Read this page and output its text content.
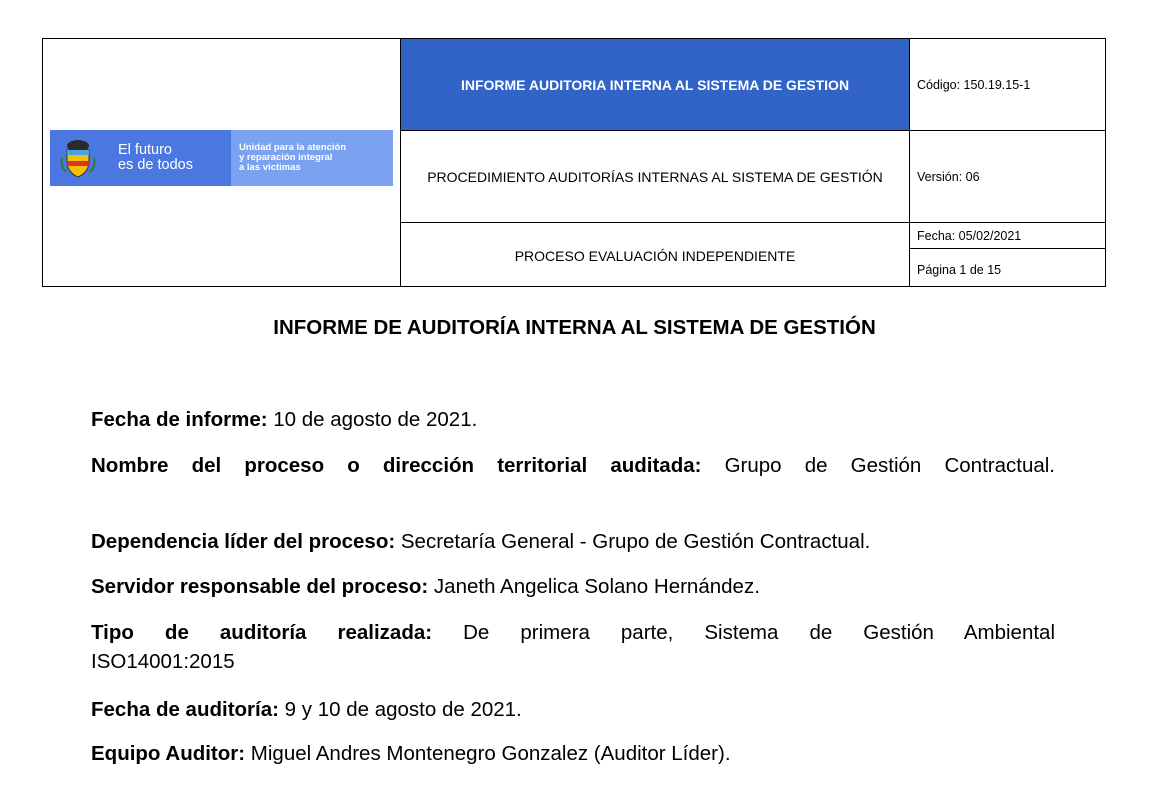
El futuro
es de todos
Unidad para la atención
y reparación integral
a las víctimas
INFORME AUDITORIA INTERNA AL SISTEMA DE GESTION	Código: 150.19.15-1
PROCEDIMIENTO AUDITORÍAS INTERNAS AL SISTEMA DE GESTIÓN	Versión: 06
PROCESO EVALUACIÓN INDEPENDIENTE
Fecha: 05/02/2021
Página 1 de 15
INFORME DE AUDITORÍA INTERNA AL SISTEMA DE GESTIÓN
Fecha de informe: 10 de agosto de 2021.
Nombre del proceso o dirección territorial auditada: Grupo de Gestión Contractual.
Dependencia líder del proceso: Secretaría General - Grupo de Gestión Contractual.
Servidor responsable del proceso: Janeth Angelica Solano Hernández.
Tipo de auditoría realizada: De primera parte, Sistema de Gestión Ambiental
ISO14001:2015
Fecha de auditoría: 9 y 10 de agosto de 2021.
Equipo Auditor: Miguel Andres Montenegro Gonzalez (Auditor Líder).
